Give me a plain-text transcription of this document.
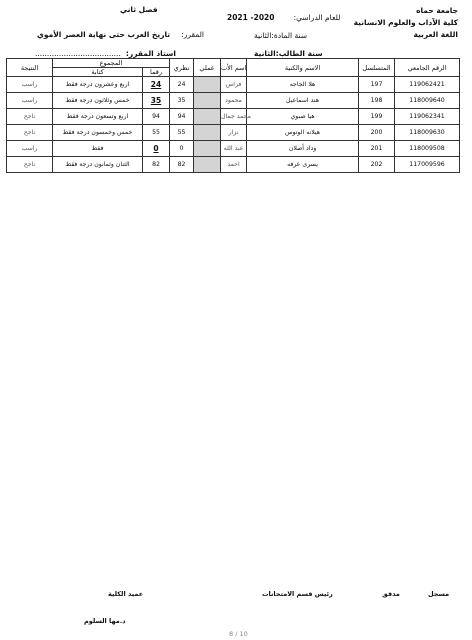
جامعة حماه
كلية الآداب والعلوم الانسانية
اللغة العربية
للعام الدراسي: 2020- 2021
فصل ثاني
سنة المادة:الثانية
المقرر: تاريخ العرب حتى نهاية العصر الأموي
سنة الطالب:الثانية
استاذ المقرر: ....................................
النتيجة	المجموع		نظري	عملي	اسم الأب	الاسم والكنية	المتسلسل	الرقم الجامعي
	كتابة	رقما						
راسب	اربع وعشرون درجة فقط	24	24		فراس	هلا الجاجه	197	119062421
راسب	خمس وثلاثون درجة فقط	35	35		محمود	هند اسماعيل	198	118009640
ناجح	اربع وتسعون درجة فقط	94	94		محمد جمال	هيا صبوي	199	119062341
ناجح	خمس وخمسون درجة فقط	55	55		نزار	هيلانه الونوس	200	118009630
راسب	فقط	0	0		عبد الله	وداد أصلان	201	118009508
ناجح	الثنان وثمانون درجة فقط	82	82		احمد	يسرى عرفه	202	117009596
مسجل
مدقق
رئيس قسم الامتحانات
عميد الكلية
د.مها السلوم
8 / 10
